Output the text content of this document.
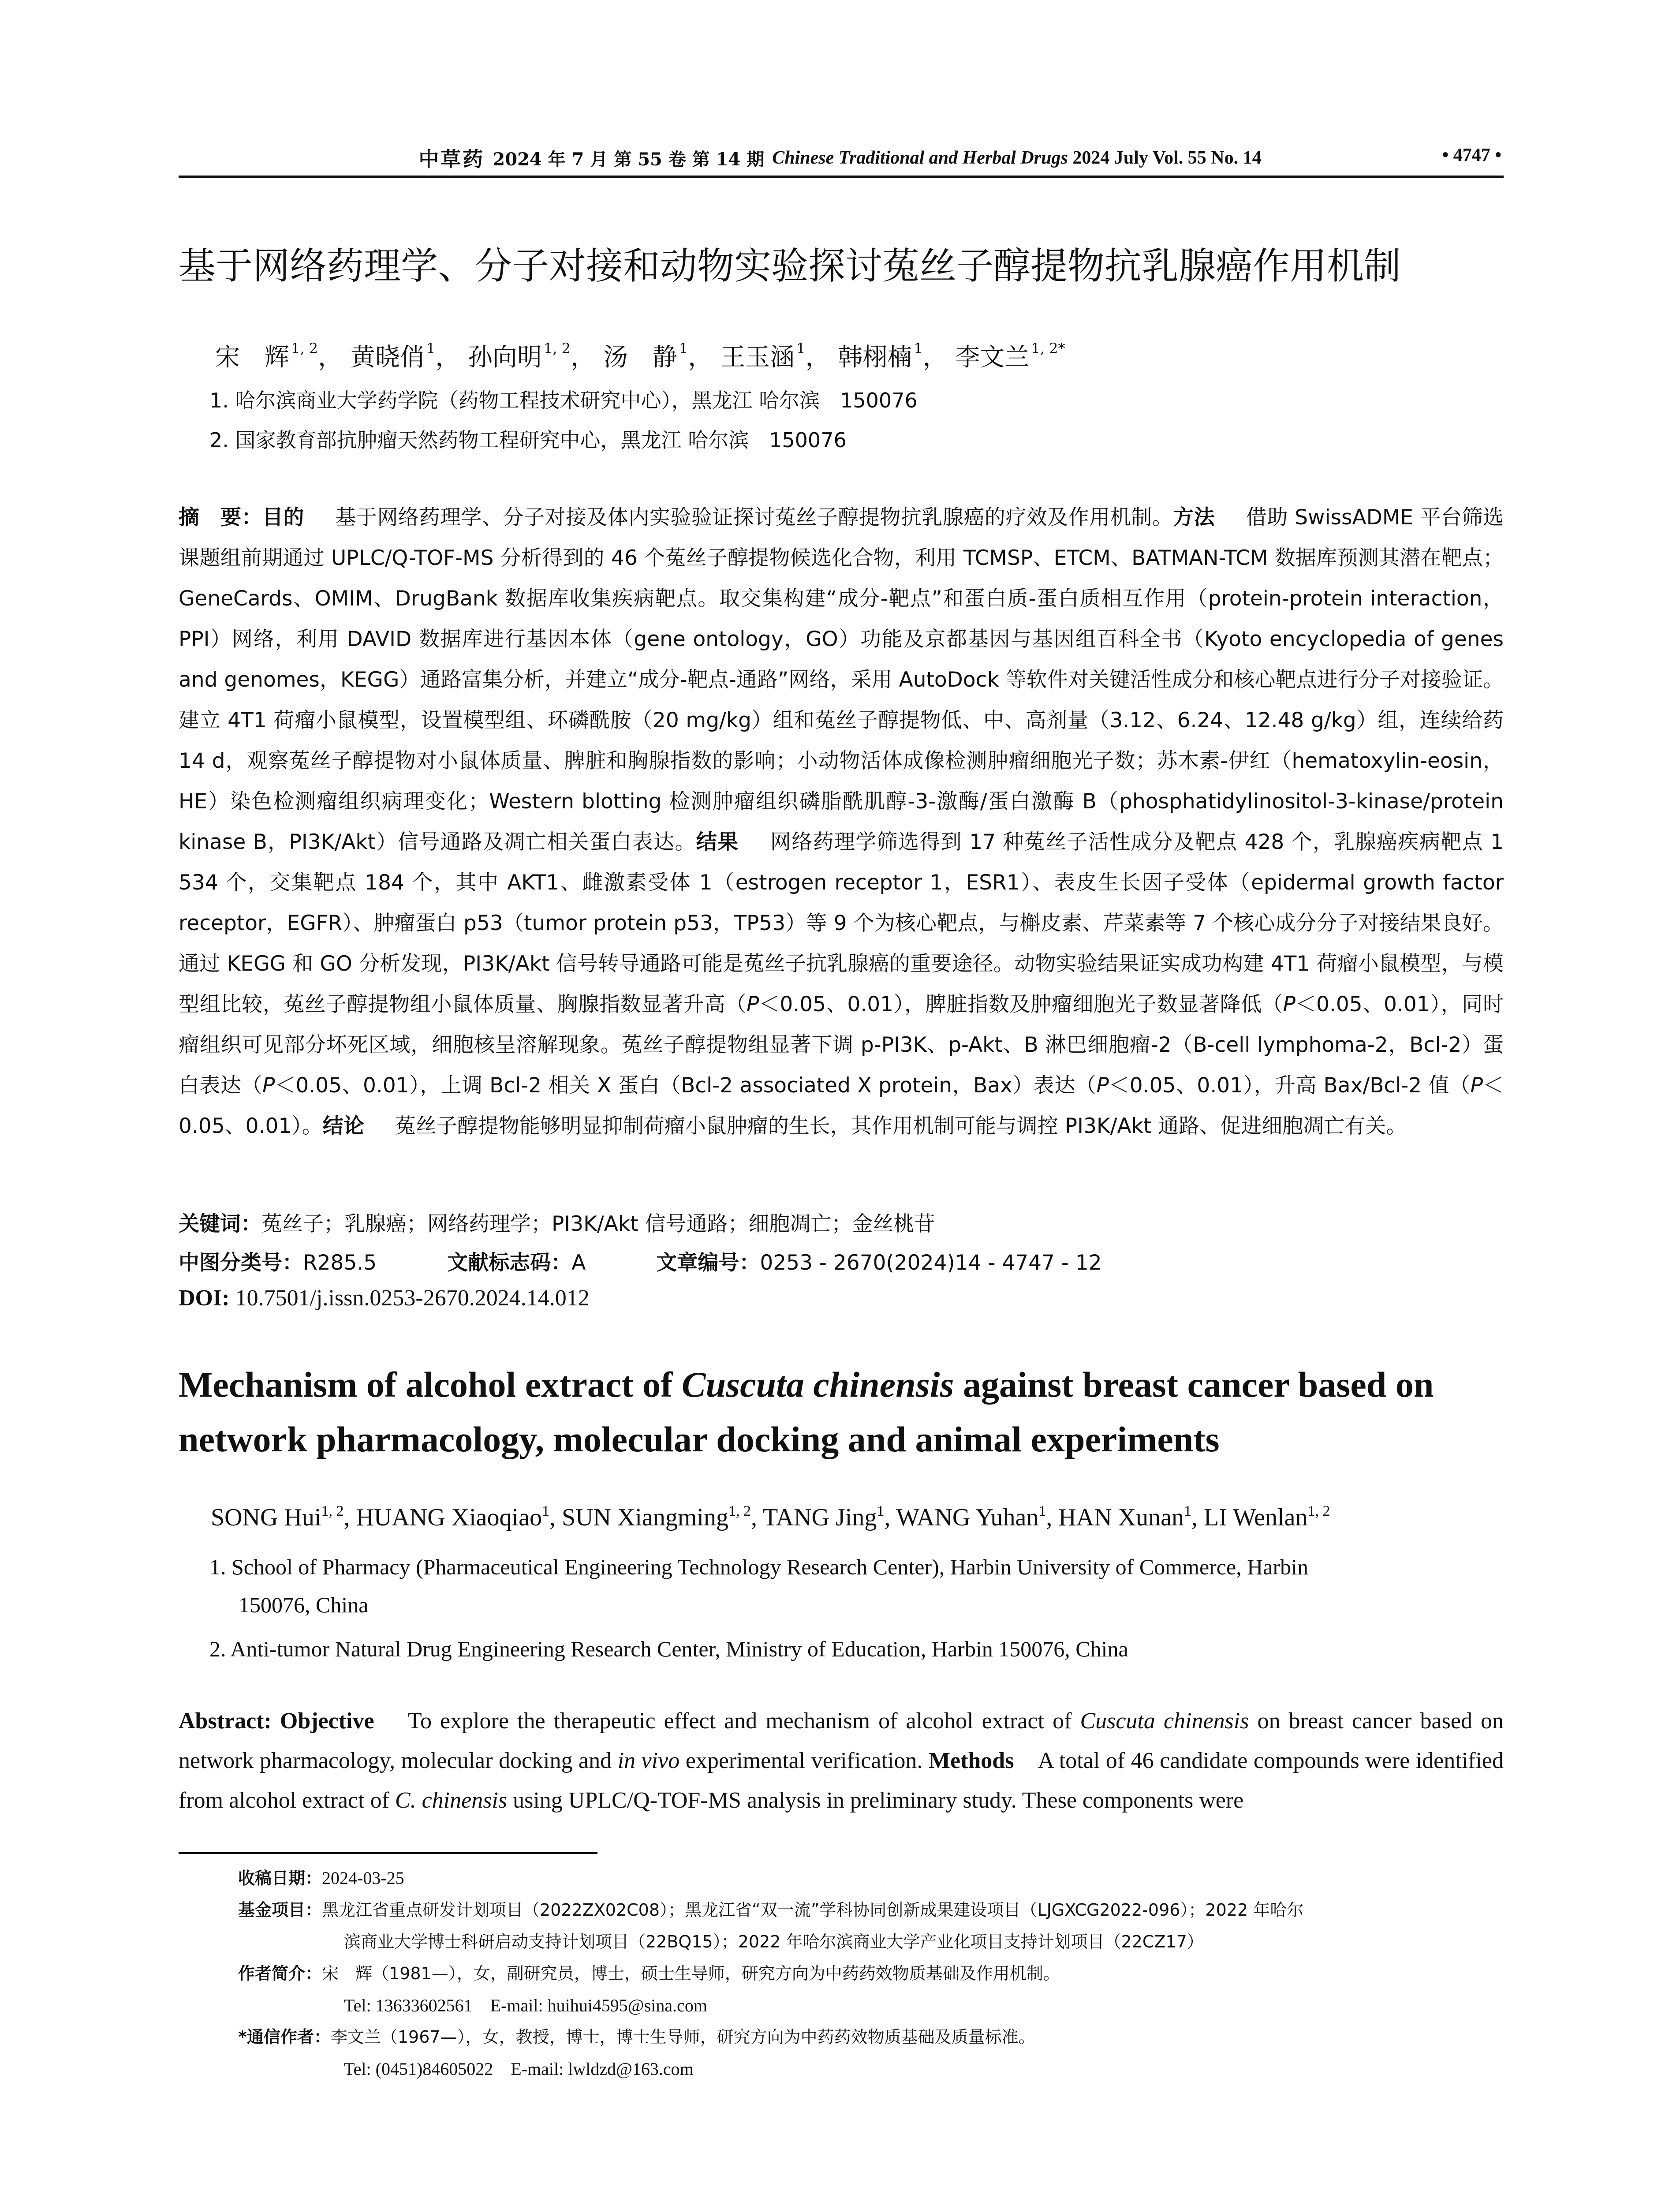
中草药 2024 年 7 月 第 55 卷 第 14 期 Chinese Traditional and Herbal Drugs 2024 July Vol. 55 No. 14	• 4747 •
基于网络药理学、分子对接和动物实验探讨菟丝子醇提物抗乳腺癌作用机制
宋　辉 $^{1, 2}$， 黄晓俏 $^1$， 孙向明 $^{1, 2}$， 汤　静 $^1$， 王玉涵 $^1$， 韩栩楠 $^1$， 李文兰 $^{1, 2*}$
1. 哈尔滨商业大学药学院（药物工程技术研究中心），黑龙江 哈尔滨　150076
2. 国家教育部抗肿瘤天然药物工程研究中心，黑龙江 哈尔滨　150076
摘　要：目的 基于网络药理学、分子对接及体内实验验证探讨菟丝子醇提物抗乳腺癌的疗效及作用机制。方法 借助 SwissADME 平台筛选课题组前期通过 UPLC/Q-TOF-MS 分析得到的 46 个菟丝子醇提物候选化合物，利用 TCMSP、ETCM、BATMAN-TCM 数据库预测其潜在靶点；GeneCards、OMIM、DrugBank 数据库收集疾病靶点。取交集构建“成分-靶点”和蛋白质-蛋白质相互作用（protein-protein interaction，PPI）网络，利用 DAVID 数据库进行基因本体（gene ontology，GO）功能及京都基因与基因组百科全书（Kyoto encyclopedia of genes and genomes，KEGG）通路富集分析，并建立“成分-靶点-通路”网络，采用 AutoDock 等软件对关键活性成分和核心靶点进行分子对接验证。建立 4T1 荷瘤小鼠模型，设置模型组、环磷酰胺（20 mg/kg）组和菟丝子醇提物低、中、高剂量（3.12、6.24、12.48 g/kg）组，连续给药 14 d，观察菟丝子醇提物对小鼠体质量、脾脏和胸腺指数的影响；小动物活体成像检测肿瘤细胞光子数；苏木素-伊红（hematoxylin-eosin，HE）染色检测瘤组织病理变化；Western blotting 检测肿瘤组织磷脂酰肌醇-3-激酶/蛋白激酶 B（phosphatidylinositol-3-kinase/protein kinase B，PI3K/Akt）信号通路及凋亡相关蛋白表达。结果 网络药理学筛选得到 17 种菟丝子活性成分及靶点 428 个，乳腺癌疾病靶点 1 534 个，交集靶点 184 个，其中 AKT1、雌激素受体 1（estrogen receptor 1，ESR1）、表皮生长因子受体（epidermal growth factor receptor，EGFR）、肿瘤蛋白 p53（tumor protein p53，TP53）等 9 个为核心靶点，与槲皮素、芹菜素等 7 个核心成分分子对接结果良好。通过 KEGG 和 GO 分析发现，PI3K/Akt 信号转导通路可能是菟丝子抗乳腺癌的重要途径。动物实验结果证实成功构建 4T1 荷瘤小鼠模型，与模型组比较，菟丝子醇提物组小鼠体质量、胸腺指数显著升高（P＜0.05、0.01），脾脏指数及肿瘤细胞光子数显著降低（P＜0.05、0.01），同时瘤组织可见部分坏死区域，细胞核呈溶解现象。菟丝子醇提物组显著下调 p-PI3K、p-Akt、B 淋巴细胞瘤-2（B-cell lymphoma-2，Bcl-2）蛋白表达（P＜0.05、0.01），上调 Bcl-2 相关 X 蛋白（Bcl-2 associated X protein，Bax）表达（P＜0.05、0.01），升高 Bax/Bcl-2 值（P＜0.05、0.01）。结论 菟丝子醇提物能够明显抑制荷瘤小鼠肿瘤的生长，其作用机制可能与调控 PI3K/Akt 通路、促进细胞凋亡有关。
关键词：菟丝子；乳腺癌；网络药理学；PI3K/Akt 信号通路；细胞凋亡；金丝桃苷
中图分类号：R285.5	文献标志码：A	文章编号：0253 - 2670(2024)14 - 4747 - 12
DOI: 10.7501/j.issn.0253-2670.2024.14.012
Mechanism of alcohol extract of Cuscuta chinensis against breast cancer based on network pharmacology, molecular docking and animal experiments
SONG Hui$^{1, 2}$, HUANG Xiaoqiao$^1$, SUN Xiangming$^{1, 2}$, TANG Jing$^1$, WANG Yuhan$^1$, HAN Xunan$^1$, LI Wenlan$^{1, 2}$
1. School of Pharmacy (Pharmaceutical Engineering Technology Research Center), Harbin University of Commerce, Harbin
150076, China
2. Anti-tumor Natural Drug Engineering Research Center, Ministry of Education, Harbin 150076, China
Abstract: Objective To explore the therapeutic effect and mechanism of alcohol extract of Cuscuta chinensis on breast cancer based on network pharmacology, molecular docking and in vivo experimental verification. Methods A total of 46 candidate compounds were identified from alcohol extract of C. chinensis using UPLC/Q-TOF-MS analysis in preliminary study. These components were
收稿日期：2024-03-25
基金项目：黑龙江省重点研发计划项目（2022ZX02C08）；黑龙江省“双一流”学科协同创新成果建设项目（LJGXCG2022-096）；2022 年哈尔
滨商业大学博士科研启动支持计划项目（22BQ15）；2022 年哈尔滨商业大学产业化项目支持计划项目（22CZ17）
作者简介：宋　辉（1981—），女，副研究员，博士，硕士生导师，研究方向为中药药效物质基础及作用机制。
Tel: 13633602561　E-mail: huihui4595@sina.com
*通信作者：李文兰（1967—），女，教授，博士，博士生导师，研究方向为中药药效物质基础及质量标准。
Tel: (0451)84605022　E-mail: lwldzd@163.com
